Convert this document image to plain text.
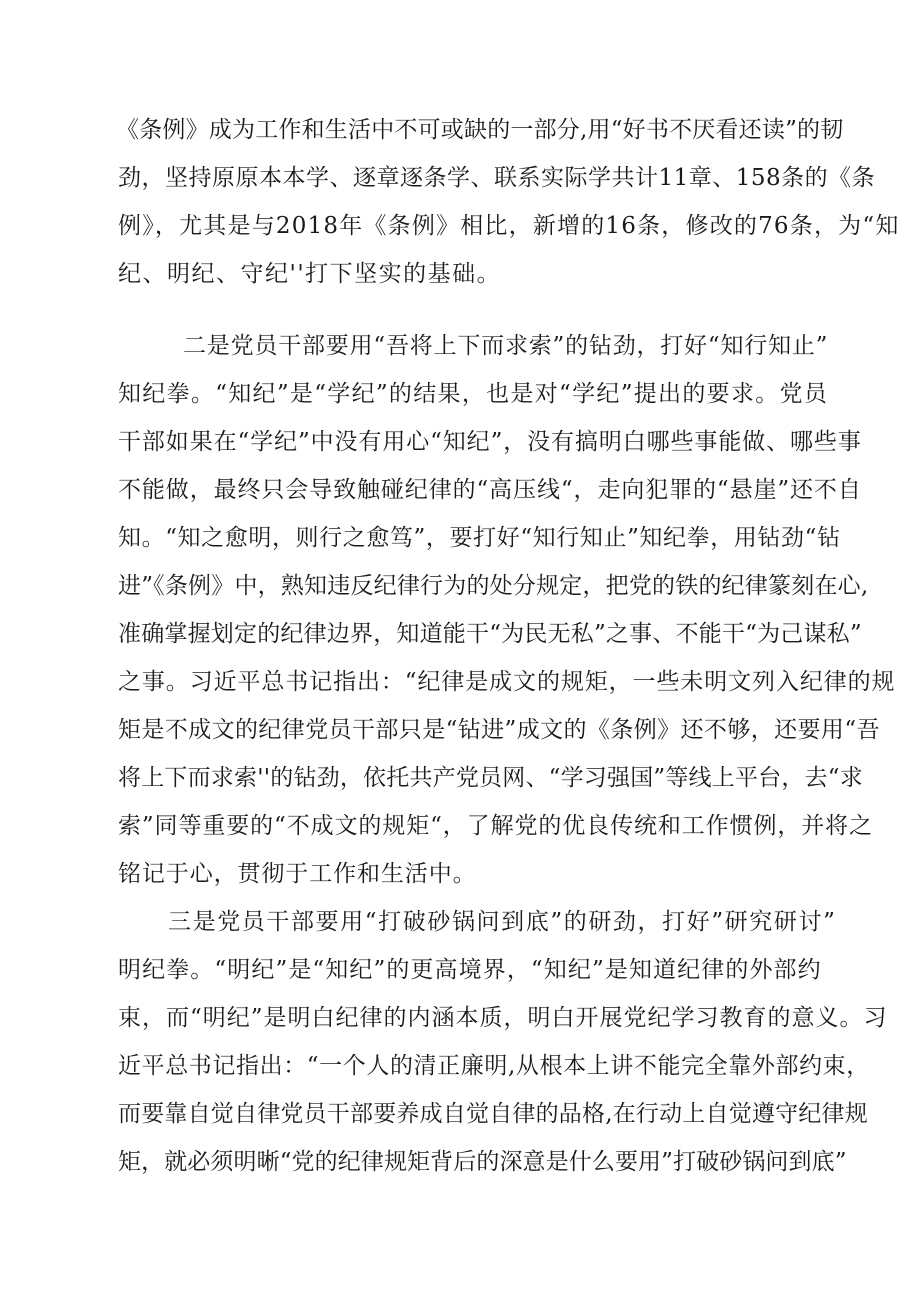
《条例》成为工作和生活中不可或缺的一部分,用“好书不厌看还读”的韧
劲，坚持原原本本学、逐章逐条学、联系实际学共计11章、158条的《条
例》，尤其是与2018年《条例》相比，新增的16条，修改的76条，为“知
纪、明纪、守纪''打下坚实的基础。
二是党员干部要用“吾将上下而求索”的钻劲，打好“知行知止”
知纪拳。“知纪”是“学纪”的结果，也是对“学纪”提出的要求。党员
干部如果在“学纪”中没有用心“知纪”，没有搞明白哪些事能做、哪些事
不能做，最终只会导致触碰纪律的“高压线“，走向犯罪的“悬崖”还不自
知。“知之愈明，则行之愈笃”，要打好“知行知止”知纪拳，用钻劲“钻
进”《条例》中，熟知违反纪律行为的处分规定，把党的铁的纪律篆刻在心,
准确掌握划定的纪律边界，知道能干“为民无私”之事、不能干“为己谋私”
之事。习近平总书记指出：“纪律是成文的规矩，一些未明文列入纪律的规
矩是不成文的纪律党员干部只是“钻进”成文的《条例》还不够，还要用“吾
将上下而求索''的钻劲，依托共产党员网、“学习强国”等线上平台，去“求
索”同等重要的“不成文的规矩“，了解党的优良传统和工作惯例，并将之
铭记于心，贯彻于工作和生活中。
三是党员干部要用“打破砂锅问到底”的研劲，打好”研究研讨”
明纪拳。“明纪”是“知纪”的更高境界，“知纪”是知道纪律的外部约
束，而“明纪”是明白纪律的内涵本质，明白开展党纪学习教育的意义。习
近平总书记指出：“一个人的清正廉明,从根本上讲不能完全靠外部约束，
而要靠自觉自律党员干部要养成自觉自律的品格,在行动上自觉遵守纪律规
矩，就必须明晰“党的纪律规矩背后的深意是什么要用”打破砂锅问到底”
